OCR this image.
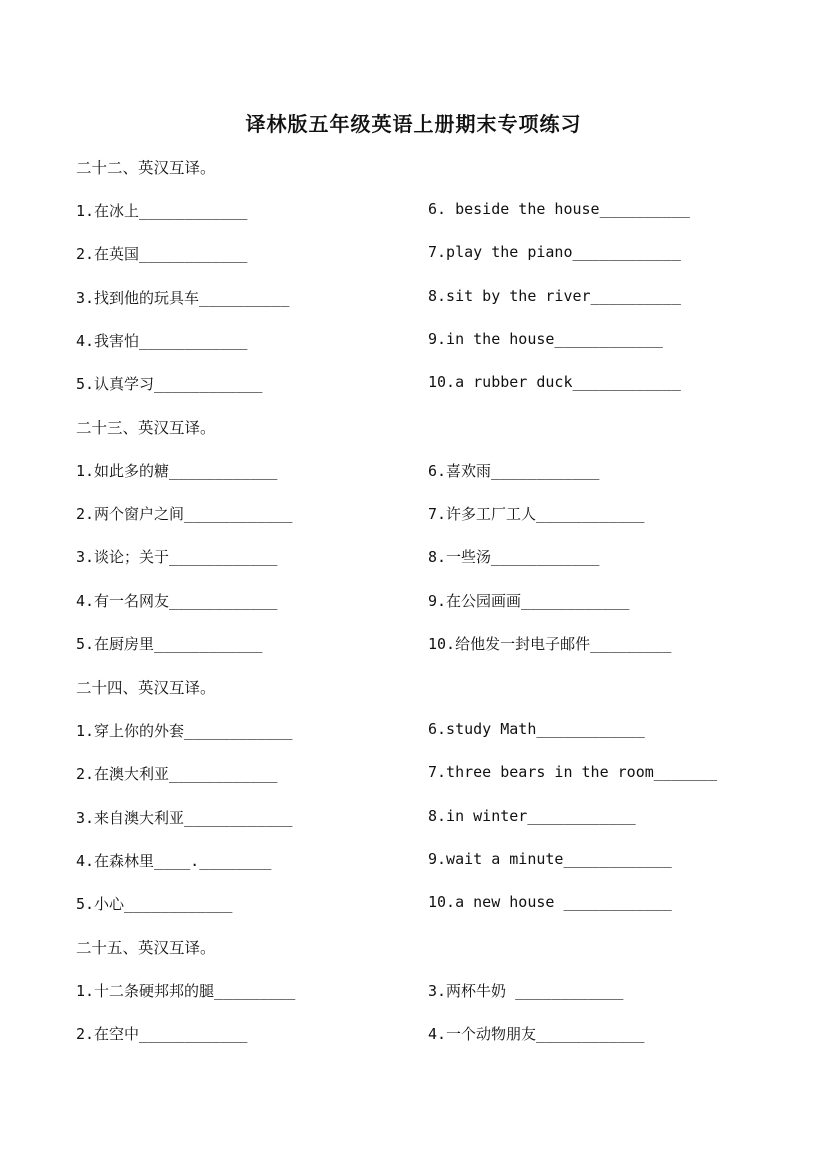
译林版五年级英语上册期末专项练习
二十二、英汉互译。
1.在冰上____________	6. beside the house__________
2.在英国____________	7.play the piano____________
3.找到他的玩具车__________	8.sit by the river__________
4.我害怕____________	9.in the house____________
5.认真学习____________	10.a rubber duck____________
二十三、英汉互译。
1.如此多的糖____________	6.喜欢雨____________
2.两个窗户之间____________	7.许多工厂工人____________
3.谈论；关于____________	8.一些汤____________
4.有一名网友____________	9.在公园画画____________
5.在厨房里____________	10.给他发一封电子邮件_________
二十四、英汉互译。
1.穿上你的外套____________	6.study Math____________
2.在澳大利亚____________	7.three bears in the room_______
3.来自澳大利亚____________	8.in winter____________
4.在森林里____.________	9.wait a minute____________
5.小心____________	10.a new house ____________
二十五、英汉互译。
1.十二条硬邦邦的腿_________	3.两杯牛奶 ____________
2.在空中____________	4.一个动物朋友____________
